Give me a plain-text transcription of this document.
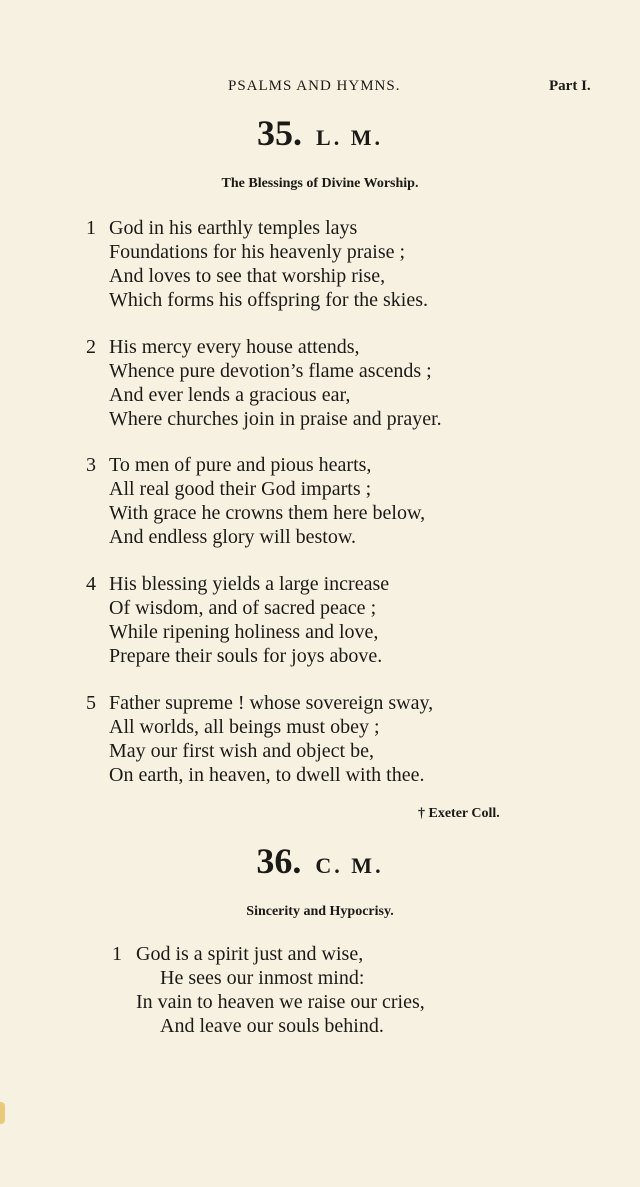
PSALMS AND HYMNS.	Part I.
35. L. M.
The Blessings of Divine Worship.
1 God in his earthly temples lays
Foundations for his heavenly praise ;
And loves to see that worship rise,
Which forms his offspring for the skies.
2 His mercy every house attends,
Whence pure devotion’s flame ascends ;
And ever lends a gracious ear,
Where churches join in praise and prayer.
3 To men of pure and pious hearts,
All real good their God imparts ;
With grace he crowns them here below,
And endless glory will bestow.
4 His blessing yields a large increase
Of wisdom, and of sacred peace ;
While ripening holiness and love,
Prepare their souls for joys above.
5 Father supreme ! whose sovereign sway,
All worlds, all beings must obey ;
May our first wish and object be,
On earth, in heaven, to dwell with thee.
† Exeter Coll.
36. C. M.
Sincerity and Hypocrisy.
1 God is a spirit just and wise,
He sees our inmost mind:
In vain to heaven we raise our cries,
And leave our souls behind.
